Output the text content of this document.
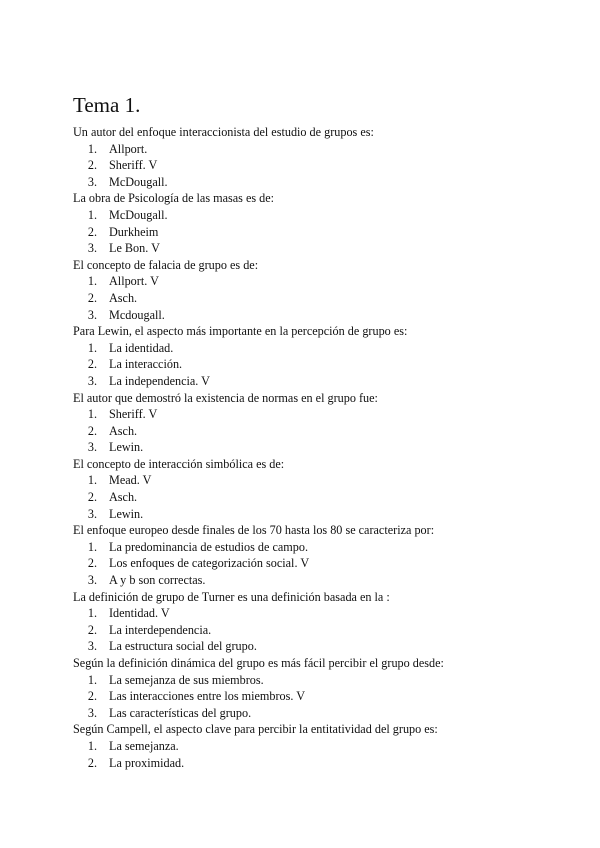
Tema 1.

Un autor del enfoque interaccionista del estudio de grupos es:

1. Allport.
2. Sheriff. V
3. McDougall.

La obra de Psicología de las masas es de:

1. McDougall.
2. Durkheim
3. Le Bon. V

El concepto de falacia de grupo es de:

1. Allport. V
2. Asch.
3. Mcdougall.

Para Lewin, el aspecto más importante en la percepción de grupo es:

1. La identidad.
2. La interacción.
3. La independencia. V

El autor que demostró la existencia de normas en el grupo fue:

1. Sheriff. V
2. Asch.
3. Lewin.

El concepto de interacción simbólica es de:

1. Mead. V
2. Asch.
3. Lewin.

El enfoque europeo desde finales de los 70 hasta los 80 se caracteriza por:

1. La predominancia de estudios de campo.
2. Los enfoques de categorización social. V
3. A y b son correctas.

La definición de grupo de Turner es una definición basada en la :

1. Identidad. V
2. La interdependencia.
3. La estructura social del grupo.

Según la definición dinámica del grupo es más fácil percibir el grupo desde:

1. La semejanza de sus miembros.
2. Las interacciones entre los miembros. V
3. Las características del grupo.

Según Campell, el aspecto clave para percibir la entitatividad del grupo es:

1. La semejanza.
2. La proximidad.
